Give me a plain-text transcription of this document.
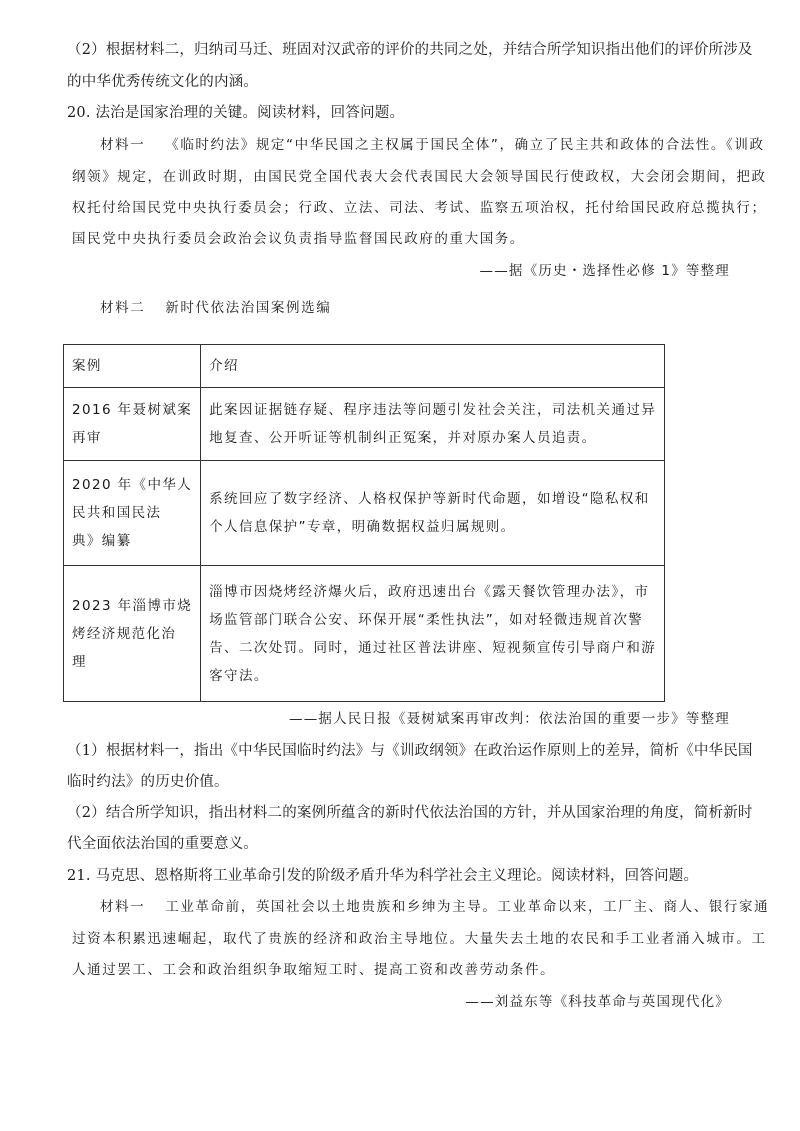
（2）根据材料二，归纳司马迁、班固对汉武帝的评价的共同之处，并结合所学知识指出他们的评价所涉及
的中华优秀传统文化的内涵。
20. 法治是国家治理的关键。阅读材料，回答问题。
材料一 《临时约法》规定“中华民国之主权属于国民全体”，确立了民主共和政体的合法性。《训政
纲领》规定，在训政时期，由国民党全国代表大会代表国民大会领导国民行使政权，大会闭会期间，把政
权托付给国民党中央执行委员会；行政、立法、司法、考试、监察五项治权，托付给国民政府总揽执行；
国民党中央执行委员会政治会议负责指导监督国民政府的重大国务。
——据《历史・选择性必修 1》等整理
材料二 新时代依法治国案例选编
案例	介绍

2016 年聂树斌案
再审	此案因证据链存疑、程序违法等问题引发社会关注，司法机关通过异
地复查、公开听证等机制纠正冤案，并对原办案人员追责。

2020 年《中华人
民共和国民法
典》编纂	系统回应了数字经济、人格权保护等新时代命题，如增设“隐私权和
个人信息保护”专章，明确数据权益归属规则。

2023 年淄博市烧
烤经济规范化治
理	淄博市因烧烤经济爆火后，政府迅速出台《露天餐饮管理办法》，市
场监管部门联合公安、环保开展“柔性执法”，如对轻微违规首次警
告、二次处罚。同时，通过社区普法讲座、短视频宣传引导商户和游
客守法。
——据人民日报《聂树斌案再审改判：依法治国的重要一步》等整理
（1）根据材料一，指出《中华民国临时约法》与《训政纲领》在政治运作原则上的差异，简析《中华民国
临时约法》的历史价值。
（2）结合所学知识，指出材料二的案例所蕴含的新时代依法治国的方针，并从国家治理的角度，简析新时
代全面依法治国的重要意义。
21. 马克思、恩格斯将工业革命引发的阶级矛盾升华为科学社会主义理论。阅读材料，回答问题。
材料一 工业革命前，英国社会以土地贵族和乡绅为主导。工业革命以来，工厂主、商人、银行家通
过资本积累迅速崛起，取代了贵族的经济和政治主导地位。大量失去土地的农民和手工业者涌入城市。工
人通过罢工、工会和政治组织争取缩短工时、提高工资和改善劳动条件。
——刘益东等《科技革命与英国现代化》
